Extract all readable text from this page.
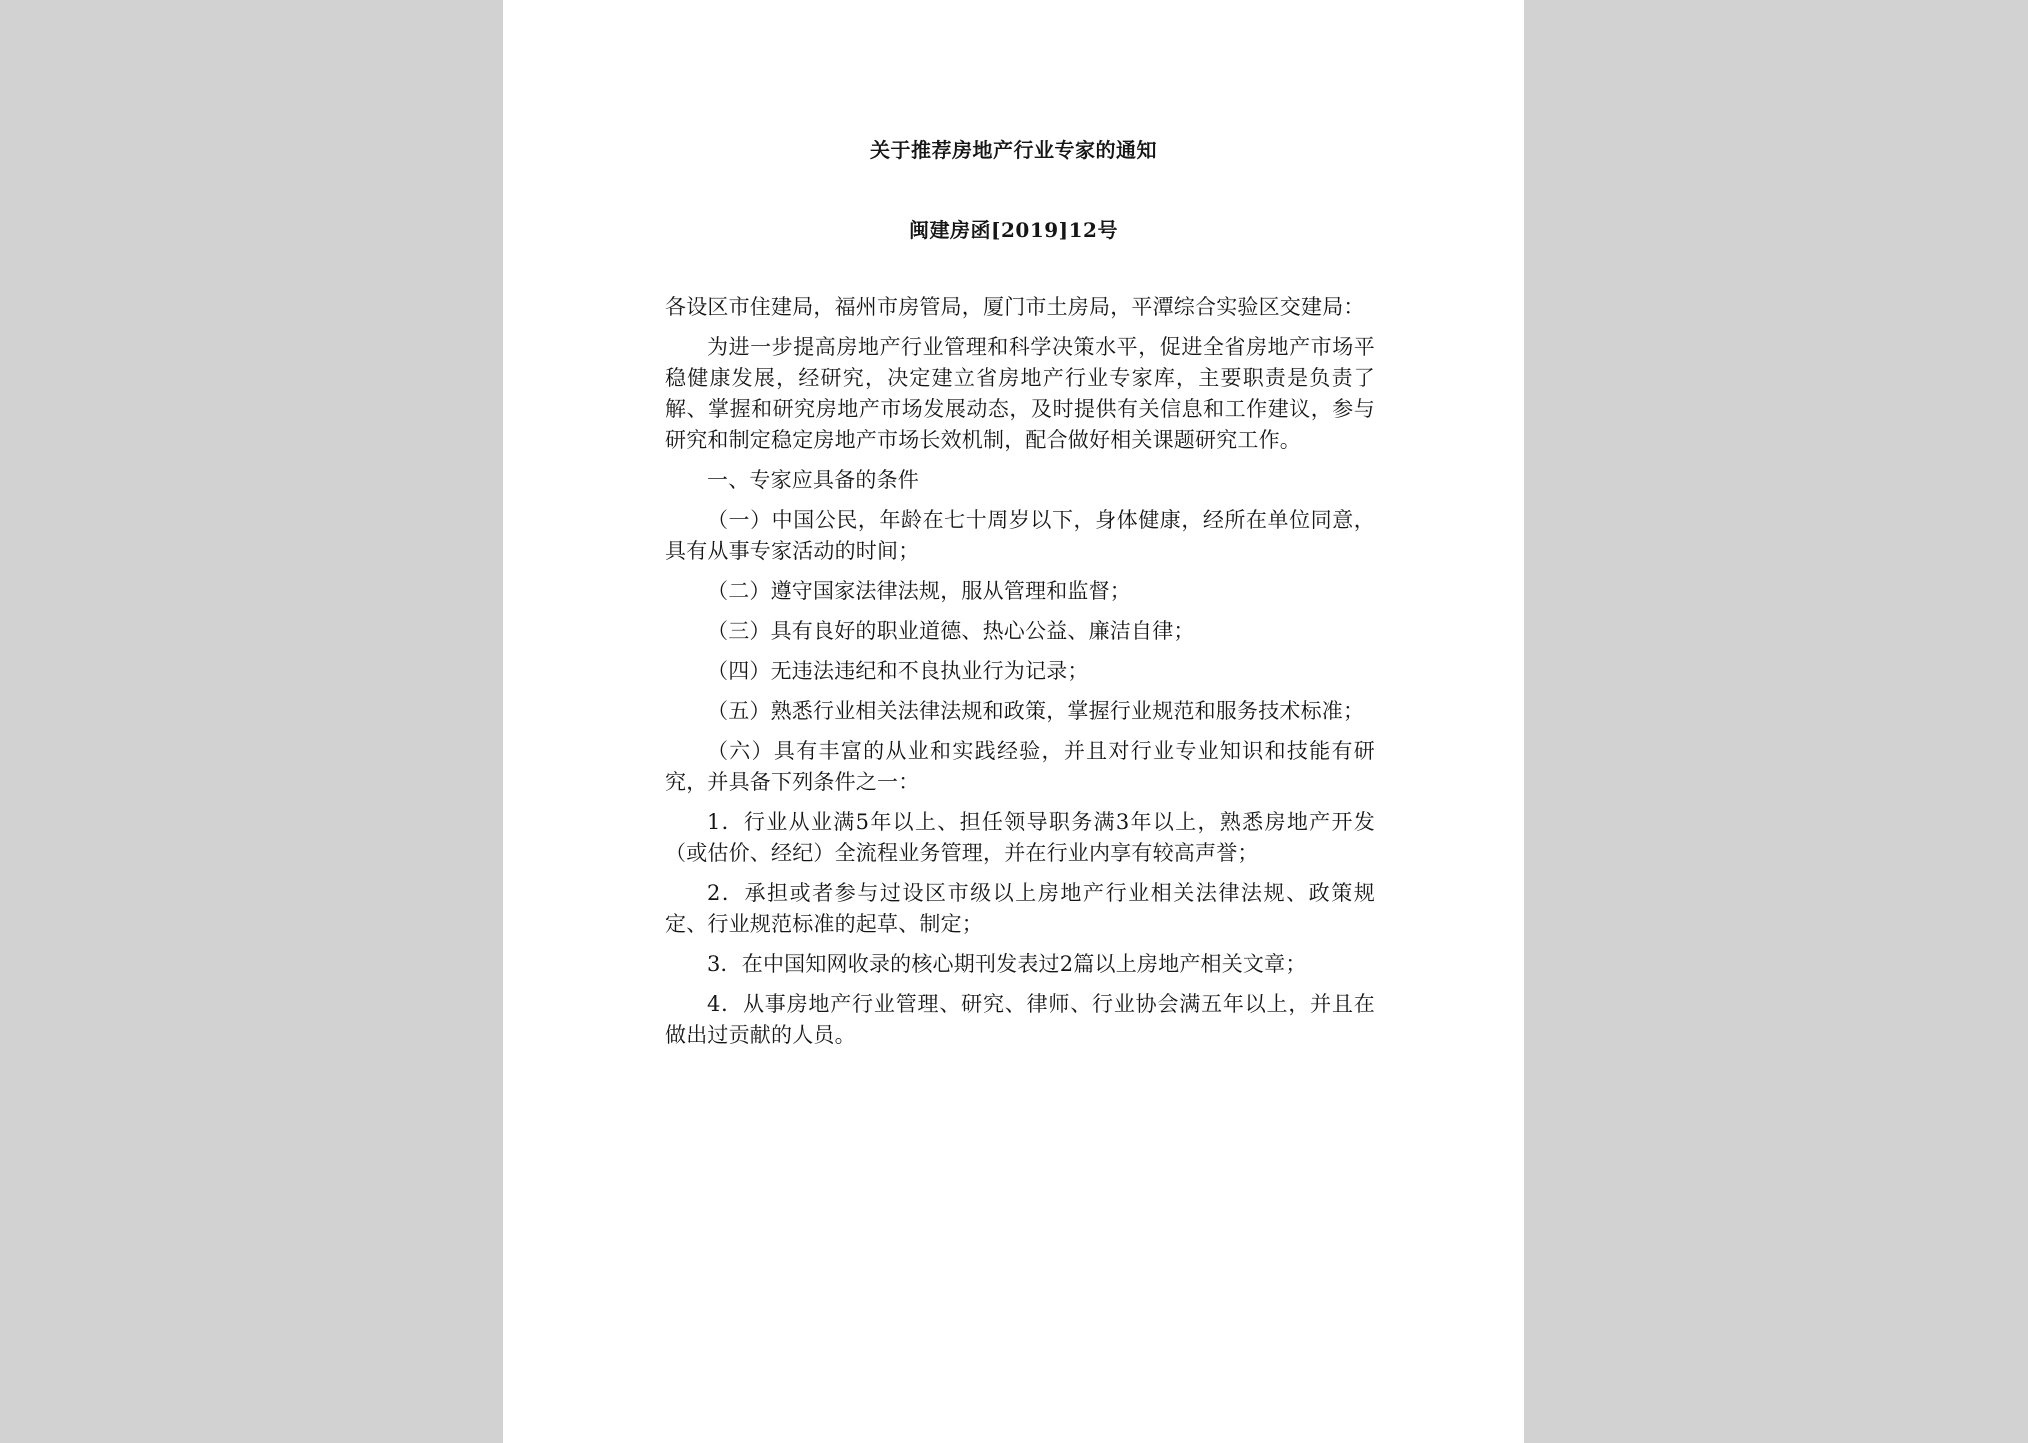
关于推荐房地产行业专家的通知
闽建房函[2019]12号

各设区市住建局，福州市房管局，厦门市土房局，平潭综合实验区交建局：

为进一步提高房地产行业管理和科学决策水平，促进全省房地产市场平稳健康发展，经研究，决定建立省房地产行业专家库，主要职责是负责了解、掌握和研究房地产市场发展动态，及时提供有关信息和工作建议，参与研究和制定稳定房地产市场长效机制，配合做好相关课题研究工作。

一、专家应具备的条件

（一）中国公民，年龄在七十周岁以下，身体健康，经所在单位同意，具有从事专家活动的时间；

（二）遵守国家法律法规，服从管理和监督；

（三）具有良好的职业道德、热心公益、廉洁自律；

（四）无违法违纪和不良执业行为记录；

（五）熟悉行业相关法律法规和政策，掌握行业规范和服务技术标准；

（六）具有丰富的从业和实践经验，并且对行业专业知识和技能有研究，并具备下列条件之一：

1．行业从业满5年以上、担任领导职务满3年以上，熟悉房地产开发（或估价、经纪）全流程业务管理，并在行业内享有较高声誉；

2．承担或者参与过设区市级以上房地产行业相关法律法规、政策规定、行业规范标准的起草、制定；

3．在中国知网收录的核心期刊发表过2篇以上房地产相关文章；

4．从事房地产行业管理、研究、律师、行业协会满五年以上，并且在做出过贡献的人员。
